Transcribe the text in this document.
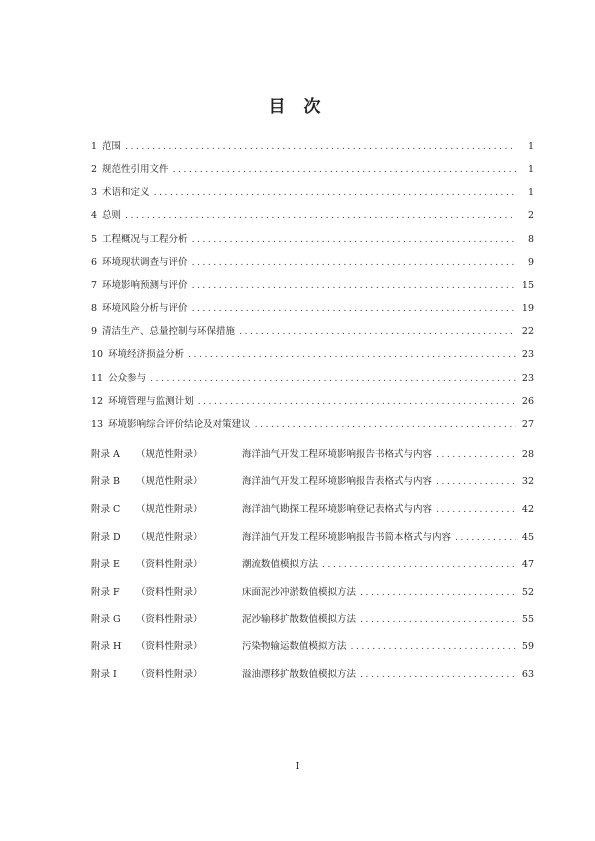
目 次
1 范围 .....	1
2 规范性引用文件 .....	1
3 术语和定义 .....	1
4 总则 .....	2
5 工程概况与工程分析 .....	8
6 环境现状调查与评价 .....	9
7 环境影响预测与评价 .....	15
8 环境风险分析与评价 .....	19
9 清洁生产、总量控制与环保措施 .....	22
10 环境经济损益分析 .....	23
11 公众参与 .....	23
12 环境管理与监测计划 .....	26
13 环境影响综合评价结论及对策建议 .....	27
附录 A	（规范性附录）	海洋油气开发工程环境影响报告书格式与内容 .....	28
附录 B	（规范性附录）	海洋油气开发工程环境影响报告表格式与内容 .....	32
附录 C	（规范性附录）	海洋油气勘探工程环境影响登记表格式与内容 .....	42
附录 D	（规范性附录）	海洋油气开发工程环境影响报告书简本格式与内容 .....	45
附录 E	（资料性附录）	潮流数值模拟方法 .....	47
附录 F	（资料性附录）	床面泥沙冲淤数值模拟方法 .....	52
附录 G	（资料性附录）	泥沙输移扩散数值模拟方法 .....	55
附录 H	（资料性附录）	污染物输运数值模拟方法 .....	59
附录 I	（资料性附录）	溢油漂移扩散数值模拟方法 .....	63
I
